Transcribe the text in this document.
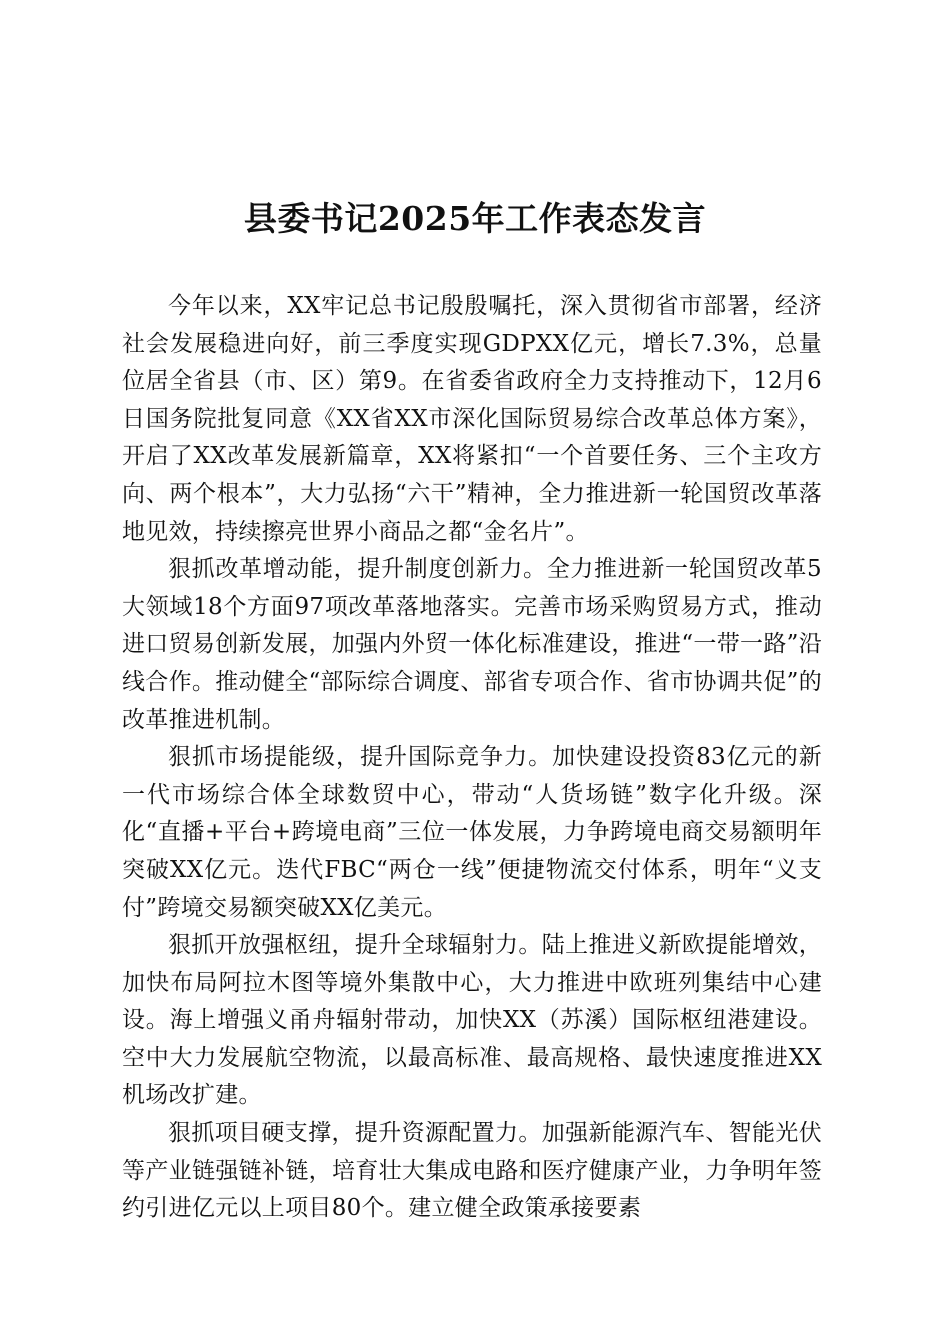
县委书记2025年工作表态发言

今年以来，XX牢记总书记殷殷嘱托，深入贯彻省市部署，经济社会发展稳进向好，前三季度实现GDPXX亿元，增长7.3%，总量位居全省县（市、区）第9。在省委省政府全力支持推动下，12月6日国务院批复同意《XX省XX市深化国际贸易综合改革总体方案》，开启了XX改革发展新篇章，XX将紧扣“一个首要任务、三个主攻方向、两个根本”，大力弘扬“六干”精神，全力推进新一轮国贸改革落地见效，持续擦亮世界小商品之都“金名片”。

狠抓改革增动能，提升制度创新力。全力推进新一轮国贸改革5大领域18个方面97项改革落地落实。完善市场采购贸易方式，推动进口贸易创新发展，加强内外贸一体化标准建设，推进“一带一路”沿线合作。推动健全“部际综合调度、部省专项合作、省市协调共促”的改革推进机制。

狠抓市场提能级，提升国际竞争力。加快建设投资83亿元的新一代市场综合体全球数贸中心，带动“人货场链”数字化升级。深化“直播+平台+跨境电商”三位一体发展，力争跨境电商交易额明年突破XX亿元。迭代FBC“两仓一线”便捷物流交付体系，明年“义支付”跨境交易额突破XX亿美元。

狠抓开放强枢纽，提升全球辐射力。陆上推进义新欧提能增效，加快布局阿拉木图等境外集散中心，大力推进中欧班列集结中心建设。海上增强义甬舟辐射带动，加快XX（苏溪）国际枢纽港建设。空中大力发展航空物流，以最高标准、最高规格、最快速度推进XX机场改扩建。

狠抓项目硬支撑，提升资源配置力。加强新能源汽车、智能光伏等产业链强链补链，培育壮大集成电路和医疗健康产业，力争明年签约引进亿元以上项目80个。建立健全政策承接要素
